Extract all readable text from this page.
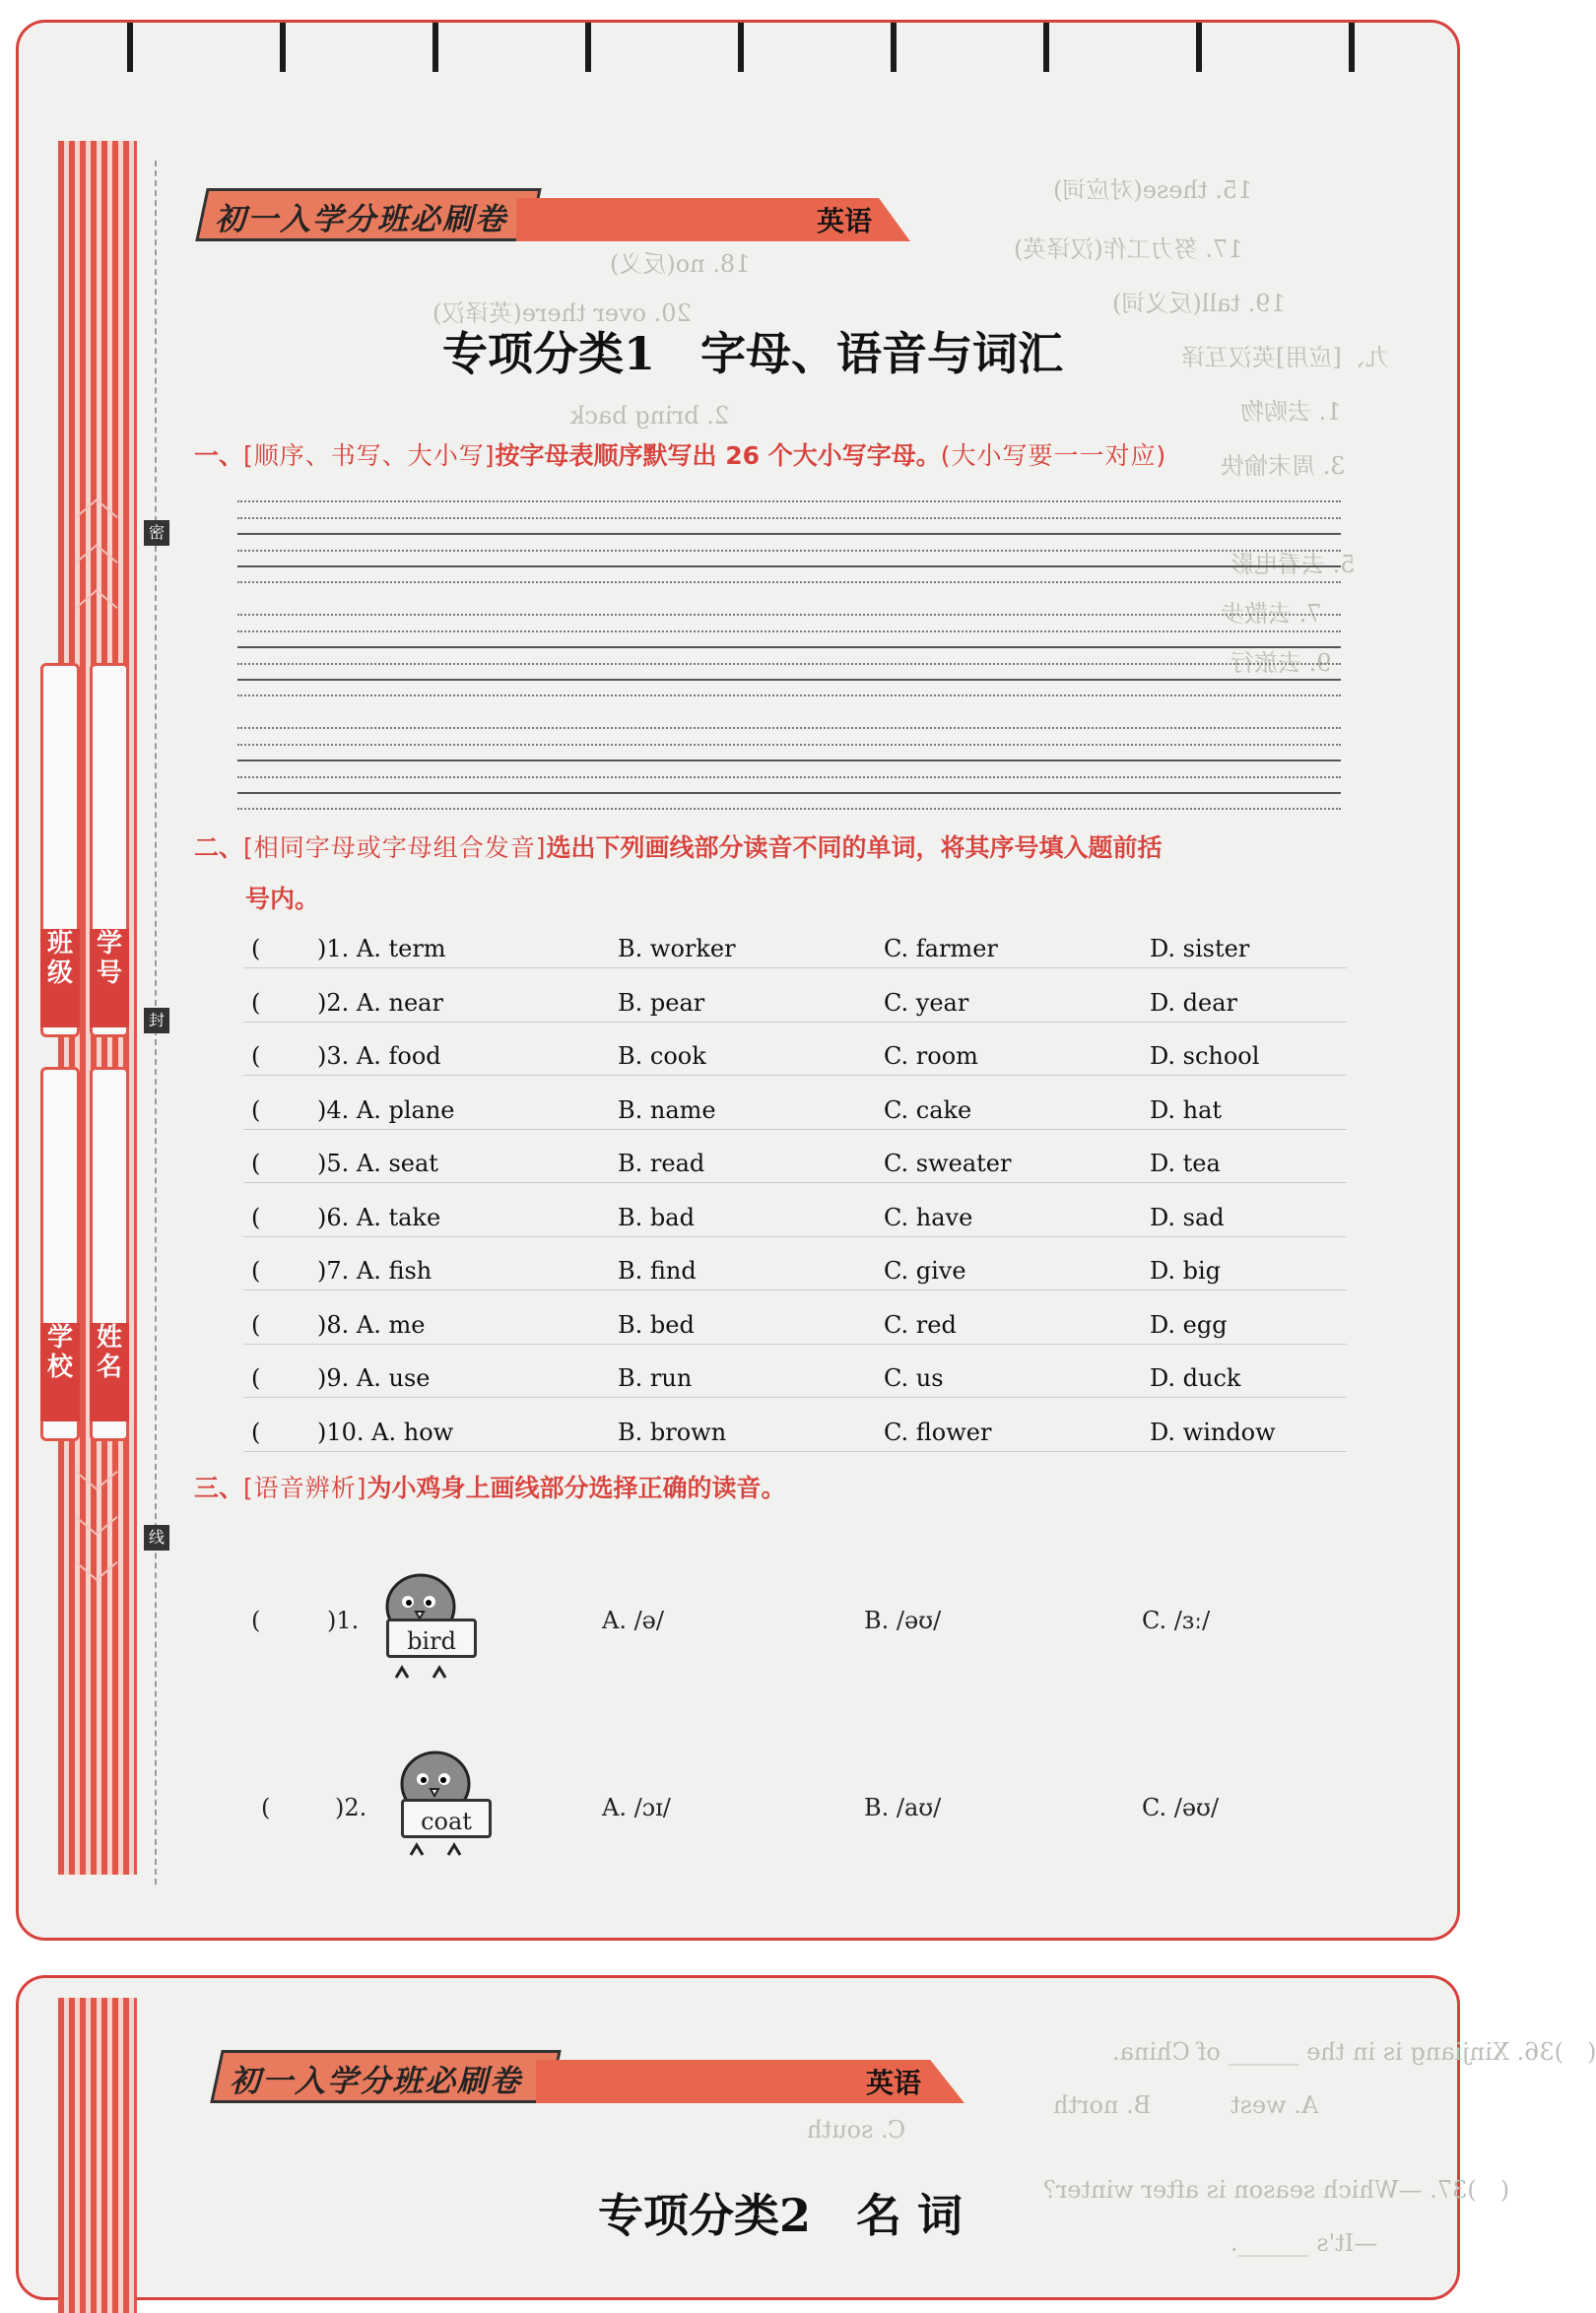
︿
︿
︿
﹀
﹀
﹀
班级
学号
学校
姓名
密
封
线
15. these(对应词)
17. 努力工作(汉译英)
19. tall(反义词)
18. no(反义)
20. over there(英译汉)
九、[应用]英汉互译
1. 去购物
2. bring back
3. 周末愉快
5. 去看电影
7. 去散步
9. 去旅行
初一入学分班必刷卷	英语
专项分类1　字母、语音与词汇
一、[顺序、书写、大小写]按字母表顺序默写出 26 个大小写字母。(大小写要一一对应)
二、[相同字母或字母组合发音]选出下列画线部分读音不同的单词，将其序号填入题前括
号内。
( )1. A. term	B. worker	C. farmer	D. sister
( )2. A. near	B. pear	C. year	D. dear
( )3. A. food	B. cook	C. room	D. school
( )4. A. plane	B. name	C. cake	D. hat
( )5. A. seat	B. read	C. sweater	D. tea
( )6. A. take	B. bad	C. have	D. sad
( )7. A. fish	B. find	C. give	D. big
( )8. A. me	B. bed	C. red	D. egg
( )9. A. use	B. run	C. us	D. duck
( )10. A. how	B. brown	C. flower	D. window
三、[语音辨析]为小鸡身上画线部分选择正确的读音。
(	)1.
bird
A. /ə/	B. /əʊ/	C. /ɜː/
(	)2.	coat	A. /ɔɪ/	B. /aʊ/	C. /əʊ/
(　)36. Xinjiang is in the ______ of China.
A. west
B. north
C. south
(　)37. —Which season is after winter?
—It's ______.
初一入学分班必刷卷	英语
专项分类2　名 词
